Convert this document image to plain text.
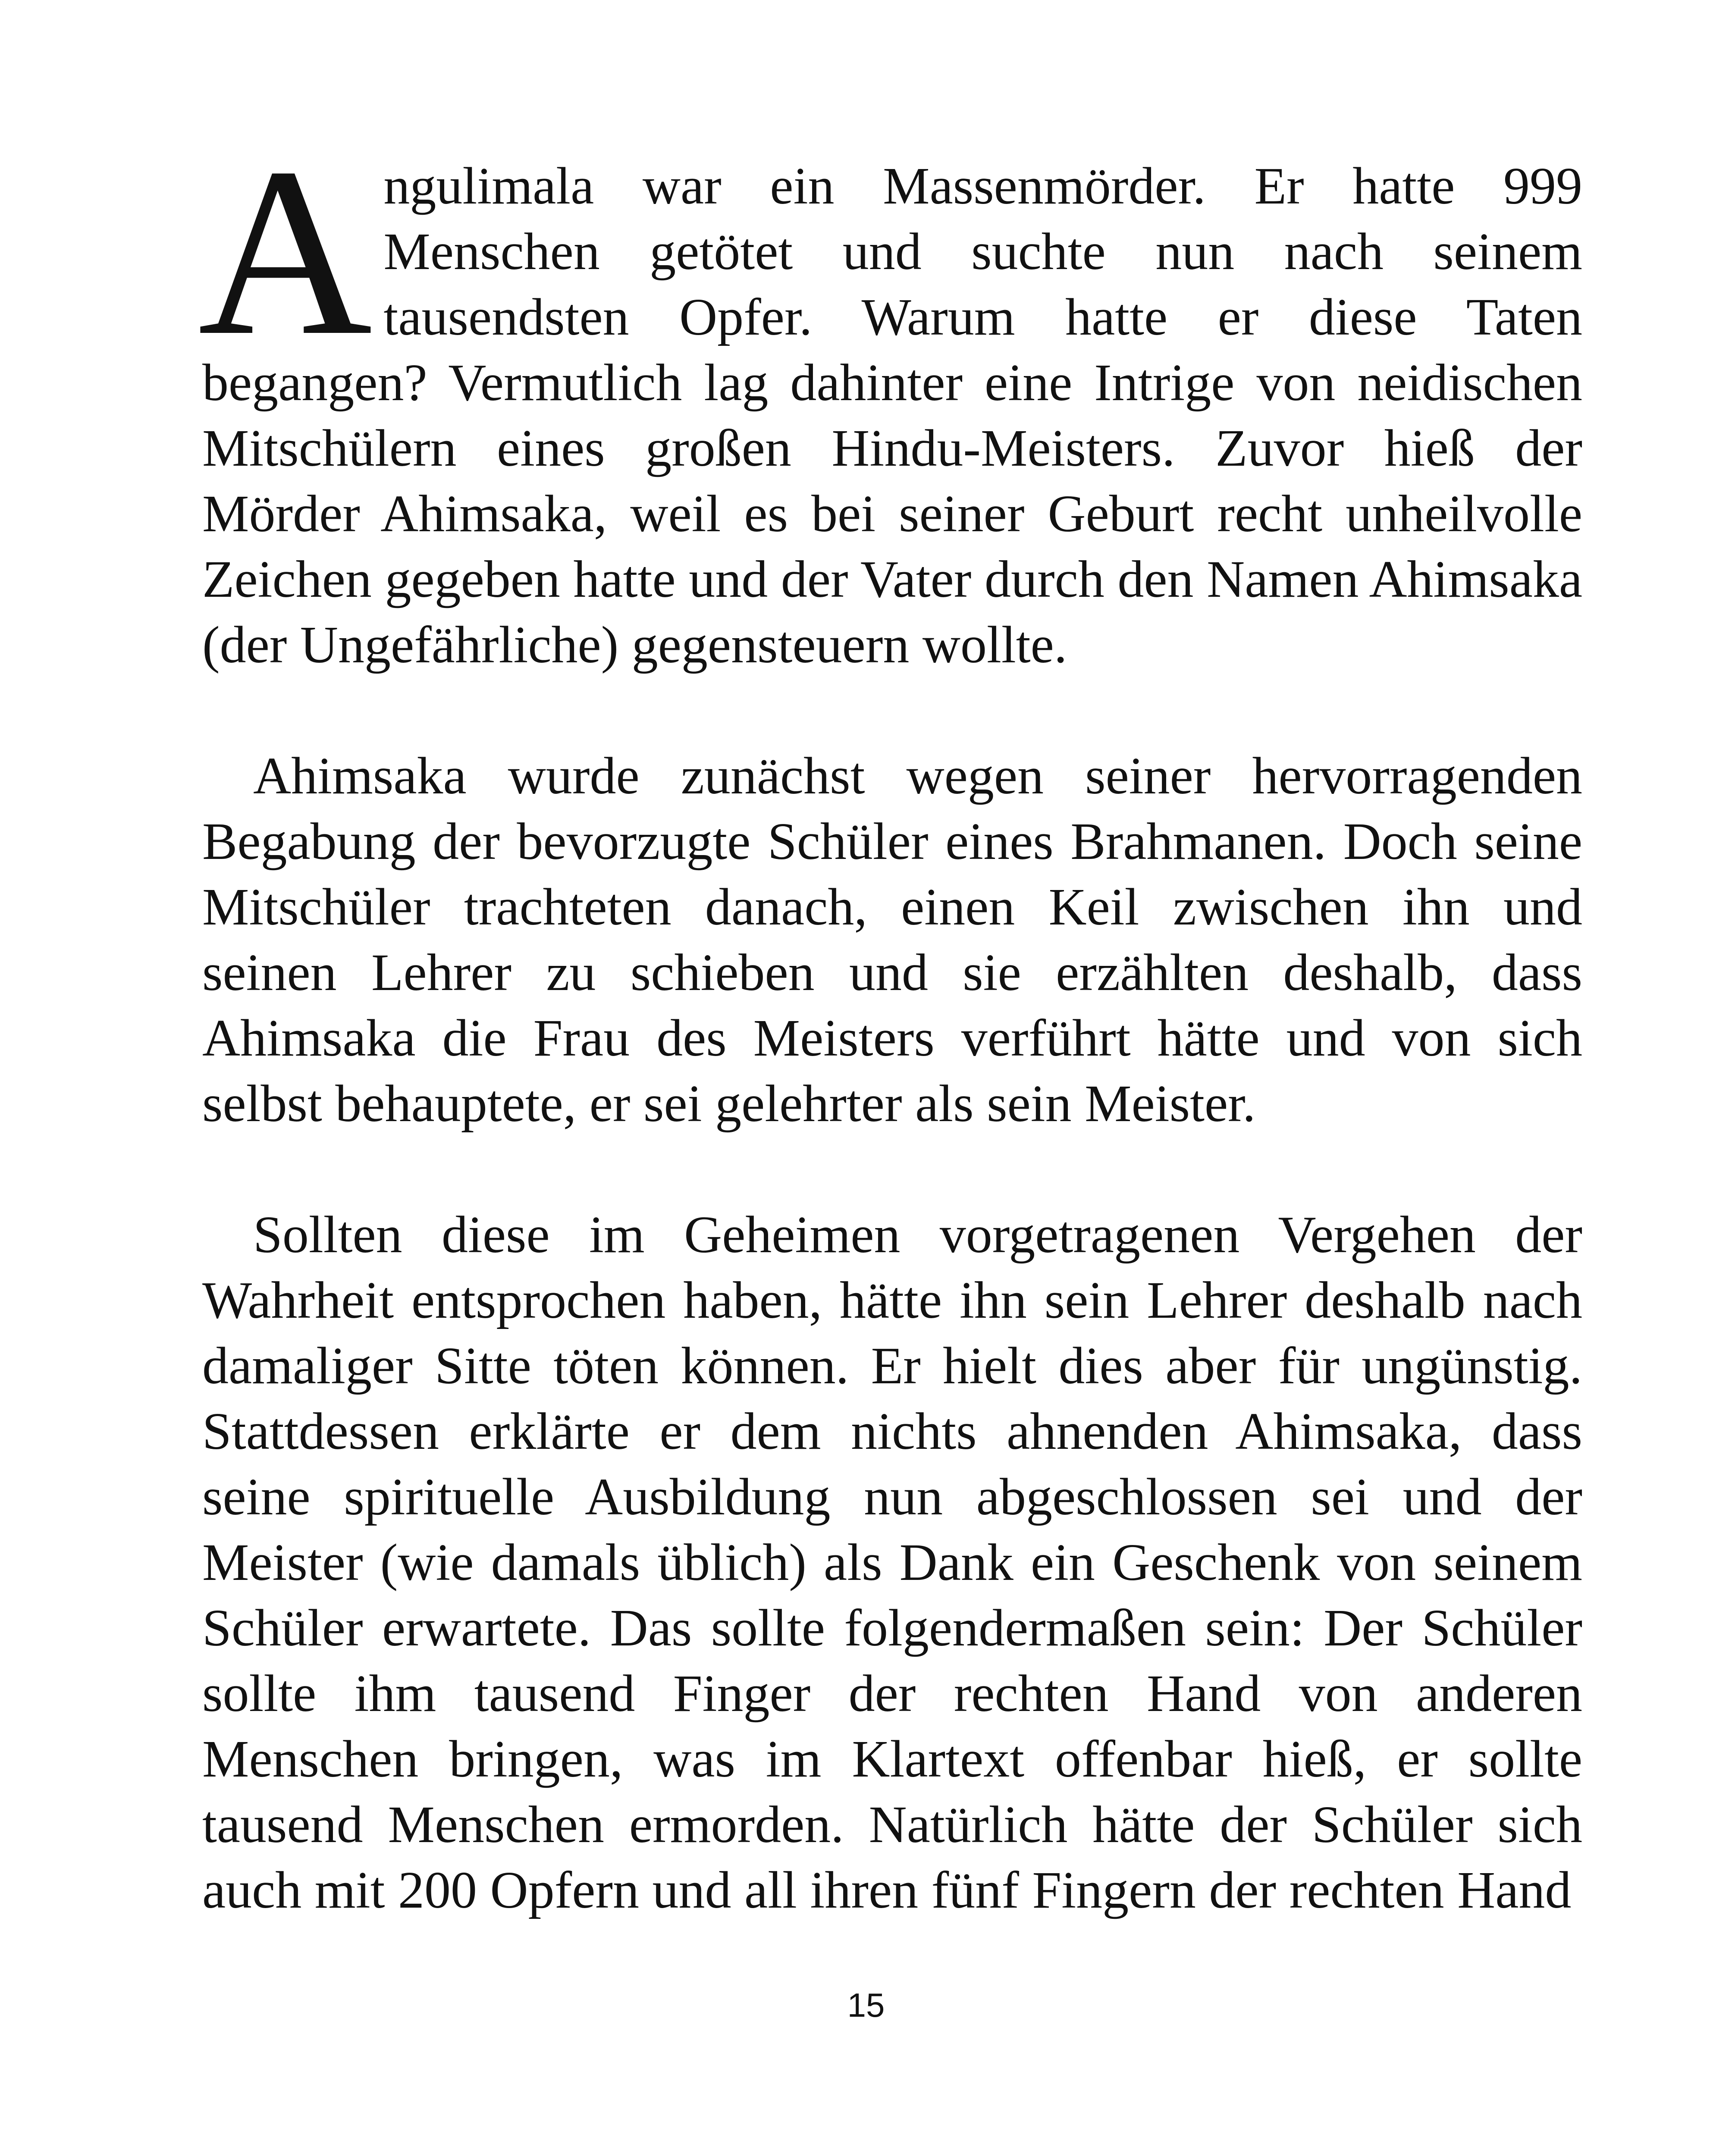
Angulimala war ein Massenmörder. Er hatte 999 Menschen getötet und suchte nun nach seinem tausendsten Opfer. Warum hatte er diese Taten begangen? Vermutlich lag dahinter eine Intrige von neidischen Mitschülern eines großen Hindu-Meisters. Zuvor hieß der Mörder Ahimsaka, weil es bei seiner Geburt recht unheilvolle Zeichen gegeben hatte und der Vater durch den Namen Ahimsaka (der Ungefährliche) gegensteuern wollte.

Ahimsaka wurde zunächst wegen seiner hervorragenden Begabung der bevorzugte Schüler eines Brahmanen. Doch seine Mitschüler trachteten danach, einen Keil zwischen ihn und seinen Lehrer zu schieben und sie erzählten deshalb, dass Ahimsaka die Frau des Meisters verführt hätte und von sich selbst behauptete, er sei gelehrter als sein Meister.

Sollten diese im Geheimen vorgetragenen Vergehen der Wahrheit entsprochen haben, hätte ihn sein Lehrer deshalb nach damaliger Sitte töten können. Er hielt dies aber für ungünstig. Stattdessen erklärte er dem nichts ahnenden Ahimsaka, dass seine spirituelle Ausbildung nun abgeschlossen sei und der Meister (wie damals üblich) als Dank ein Geschenk von seinem Schüler erwartete. Das sollte folgendermaßen sein: Der Schüler sollte ihm tausend Finger der rechten Hand von anderen Menschen bringen, was im Klartext offenbar hieß, er sollte tausend Menschen ermorden. Natürlich hätte der Schüler sich auch mit 200 Opfern und all ihren fünf Fingern der rechten Hand

15
